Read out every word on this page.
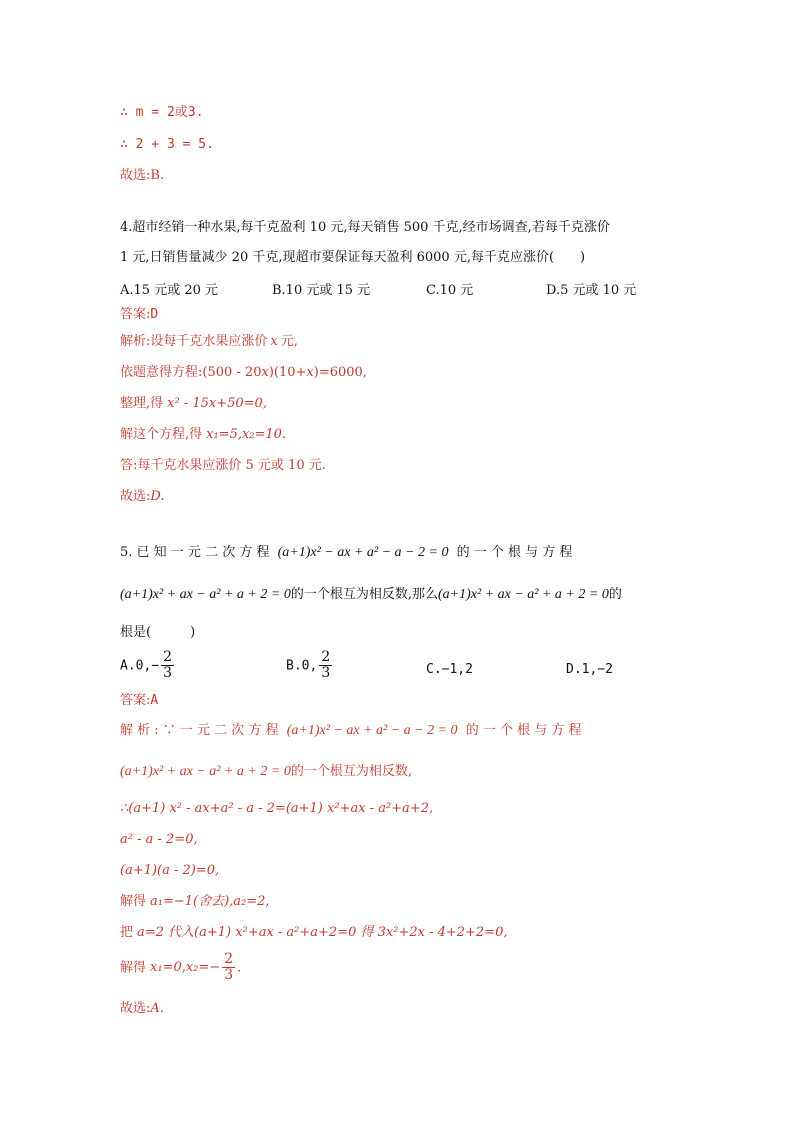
∴ m = 2或3.
∴ 2 + 3 = 5.
故选:B.
4.超市经销一种水果,每千克盈利 10 元,每天销售 500 千克,经市场调查,若每千克涨价
1 元,日销售量减少 20 千克,现超市要保证每天盈利 6000 元,每千克应涨价(　　)
A.15 元或 20 元	B.10 元或 15 元	C.10 元	D.5 元或 10 元
答案:D
解析:设每千克水果应涨价 x 元,
依题意得方程:(500 - 20x)(10+x)=6000,
整理,得 x² - 15x+50=0,
解这个方程,得 x₁=5,x₂=10.
答:每千克水果应涨价 5 元或 10 元.
故选:D.
5. 已 知 一 元 二 次 方 程 (a+1)x² − ax + a² − a − 2 = 0 的 一 个 根 与 方 程
(a+1)x² + ax − a² + a + 2 = 0的一个根互为相反数,那么(a+1)x² + ax − a² + a + 2 = 0的
根是(　　　)
$A.0,- \frac{2}{3}$	B.0, $\frac{2}{3}$	C.−1,2	D.1,−2
答案:A
解 析 : ∵ 一 元 二 次 方 程 (a+1)x² − ax + a² − a − 2 = 0 的 一 个 根 与 方 程
(a+1)x² + ax − a² + a + 2 = 0的一个根互为相反数,
∴(a+1) x² - ax+a² - a - 2=(a+1) x²+ax - a²+a+2,
a² - a - 2=0,
(a+1)(a - 2)=0,
解得 a₁=−1(舍去),a₂=2,
把 a=2 代入(a+1) x²+ax - a²+a+2=0 得 3x²+2x - 4+2+2=0,
解得 $x_1=0,x_2=- \frac{2}{3}$ .
故选:A.
